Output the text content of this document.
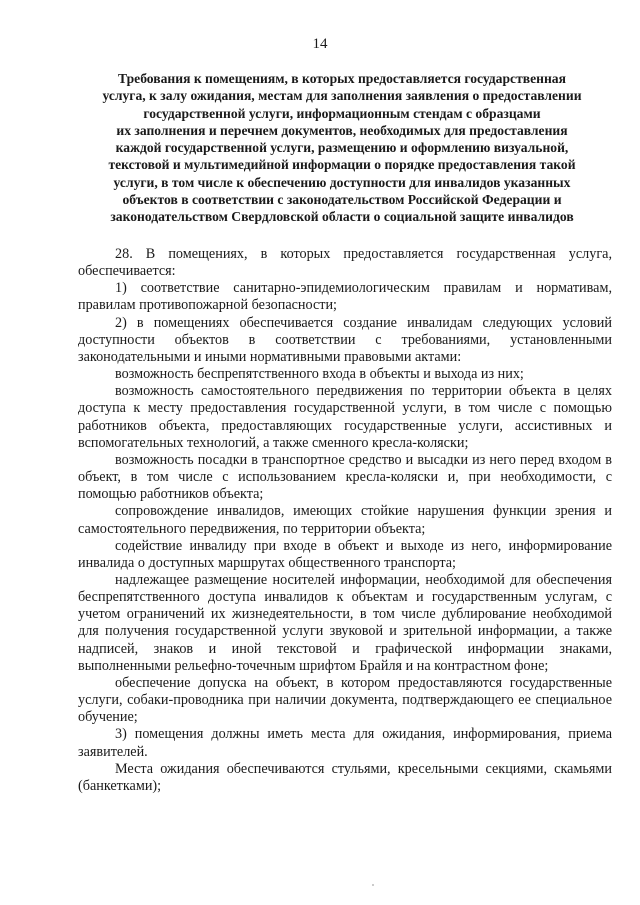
14
Требования к помещениям, в которых предоставляется государственная
услуга, к залу ожидания, местам для заполнения заявления о предоставлении
государственной услуги, информационным стендам с образцами
их заполнения и перечнем документов, необходимых для предоставления
каждой государственной услуги, размещению и оформлению визуальной,
текстовой и мультимедийной информации о порядке предоставления такой
услуги, в том числе к обеспечению доступности для инвалидов указанных
объектов в соответствии с законодательством Российской Федерации и
законодательством Свердловской области о социальной защите инвалидов

28. В помещениях, в которых предоставляется государственная услуга, обеспечивается:

1) соответствие санитарно-эпидемиологическим правилам и нормативам, правилам противопожарной безопасности;

2) в помещениях обеспечивается создание инвалидам следующих условий доступности объектов в соответствии с требованиями, установленными законодательными и иными нормативными правовыми актами:

возможность беспрепятственного входа в объекты и выхода из них;

возможность самостоятельного передвижения по территории объекта в целях доступа к месту предоставления государственной услуги, в том числе с помощью работников объекта, предоставляющих государственные услуги, ассистивных и вспомогательных технологий, а также сменного кресла-коляски;

возможность посадки в транспортное средство и высадки из него перед входом в объект, в том числе с использованием кресла-коляски и, при необходимости, с помощью работников объекта;

сопровождение инвалидов, имеющих стойкие нарушения функции зрения и самостоятельного передвижения, по территории объекта;

содействие инвалиду при входе в объект и выходе из него, информирование инвалида о доступных маршрутах общественного транспорта;

надлежащее размещение носителей информации, необходимой для обеспечения беспрепятственного доступа инвалидов к объектам и государственным услугам, с учетом ограничений их жизнедеятельности, в том числе дублирование необходимой для получения государственной услуги звуковой и зрительной информации, а также надписей, знаков и иной текстовой и графической информации знаками, выполненными рельефно-точечным шрифтом Брайля и на контрастном фоне;

обеспечение допуска на объект, в котором предоставляются государственные услуги, собаки-проводника при наличии документа, подтверждающего ее специальное обучение;

3) помещения должны иметь места для ожидания, информирования, приема заявителей.

Места ожидания обеспечиваются стульями, кресельными секциями, скамьями (банкетками);
